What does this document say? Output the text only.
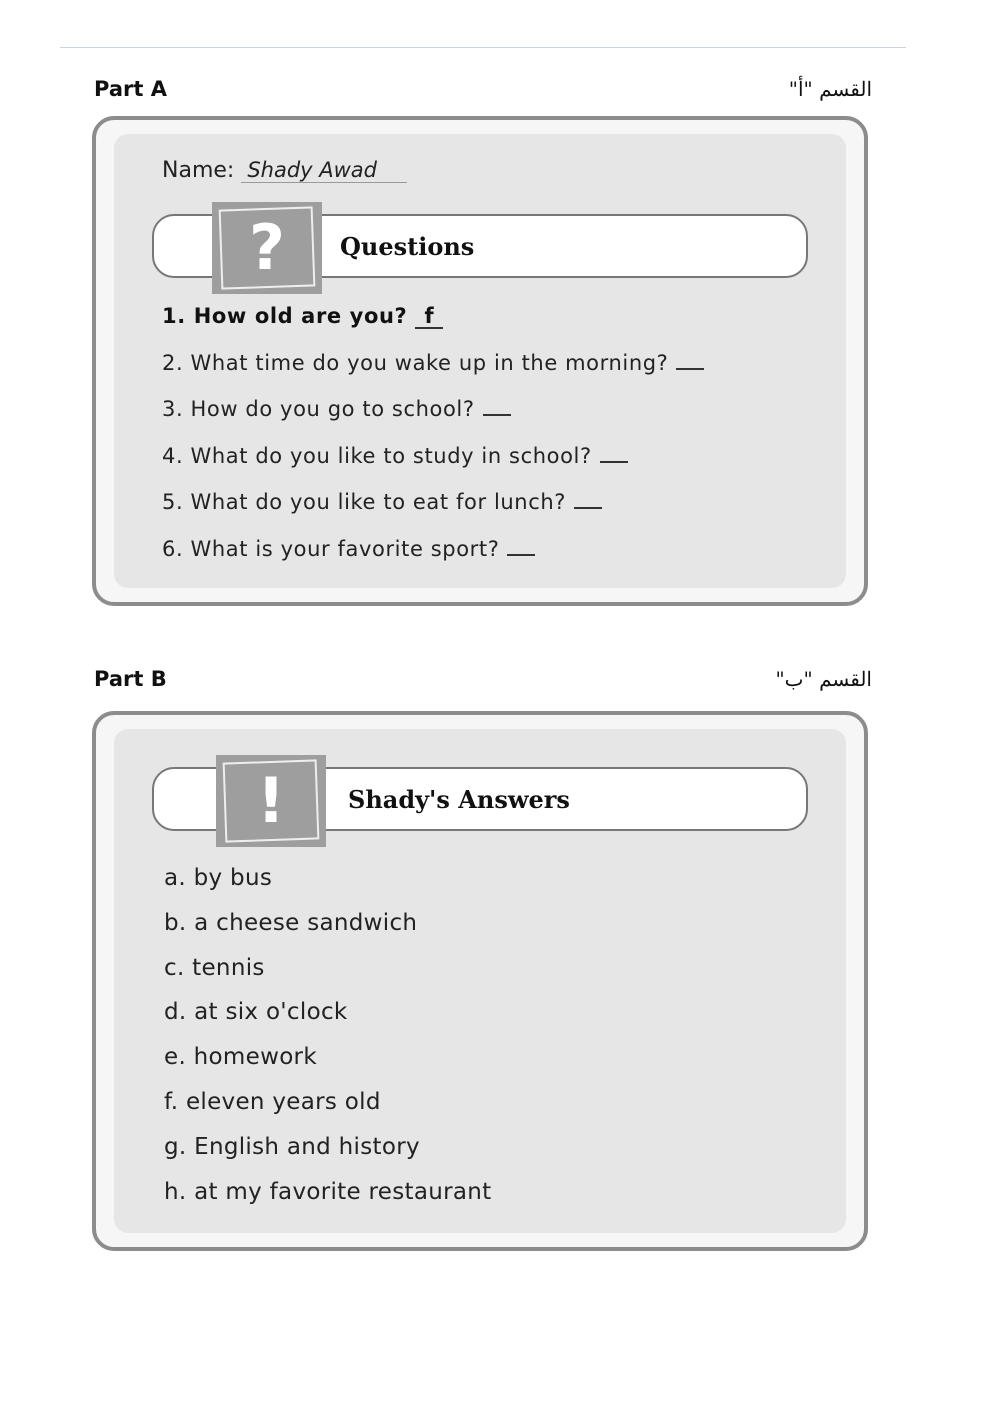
Part A	القسم "أ"
Name: Shady Awad
Questions
?
1. How old are you? f
2. What time do you wake up in the morning?
3. How do you go to school?
4. What do you like to study in school?
5. What do you like to eat for lunch?
6. What is your favorite sport?
Part B	القسم "ب"
Shady's Answers
!
a. by bus
b. a cheese sandwich
c. tennis
d. at six o'clock
e. homework
f. eleven years old
g. English and history
h. at my favorite restaurant
